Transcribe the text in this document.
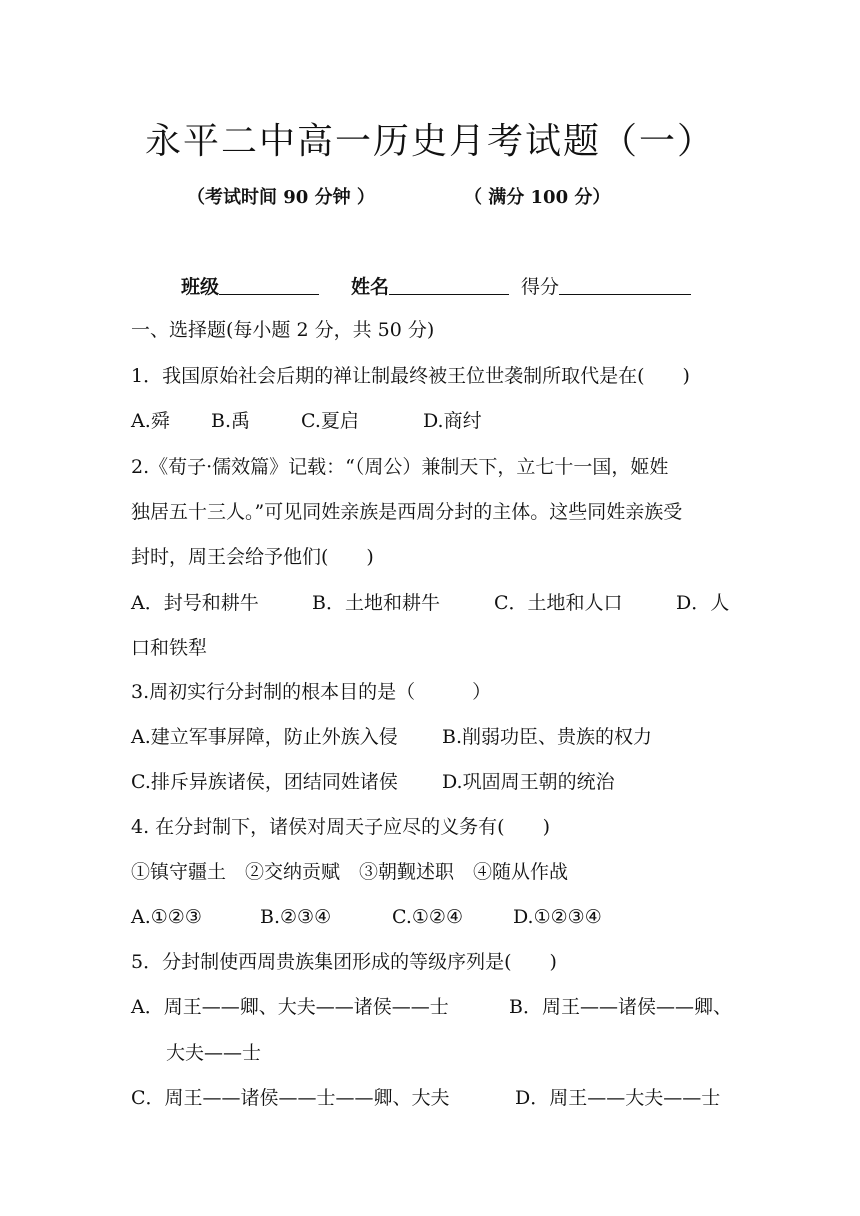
永平二中高一历史月考试题（一）
（考试时间 90 分钟 ）	（ 满分 100 分）
班级	姓名	得分
一、选择题(每小题 2 分，共 50 分)
1．我国原始社会后期的禅让制最终被王位世袭制所取代是在(　　)
A.舜 B.禹	C.夏启	D.商纣
2.《荀子·儒效篇》记载：“（周公）兼制天下，立七十一国，姬姓
独居五十三人。”可见同姓亲族是西周分封的主体。这些同姓亲族受
封时，周王会给予他们(　　)
A．封号和耕牛	B．土地和耕牛	C．土地和人口	D．人
口和铁犁
3.周初实行分封制的根本目的是（　　　）
A.建立军事屏障，防止外族入侵 B.削弱功臣、贵族的权力
C.排斥异族诸侯，团结同姓诸侯 D.巩固周王朝的统治
4. 在分封制下，诸侯对周天子应尽的义务有(　　)
①镇守疆土　②交纳贡赋　③朝觐述职　④随从作战
A.①②③	B.②③④	C.①②④	D.①②③④
5．分封制使西周贵族集团形成的等级序列是(　　)
A．周王——卿、大夫——诸侯——士	B．周王——诸侯——卿、
大夫——士
C．周王——诸侯——士——卿、大夫	D．周王——大夫——士
